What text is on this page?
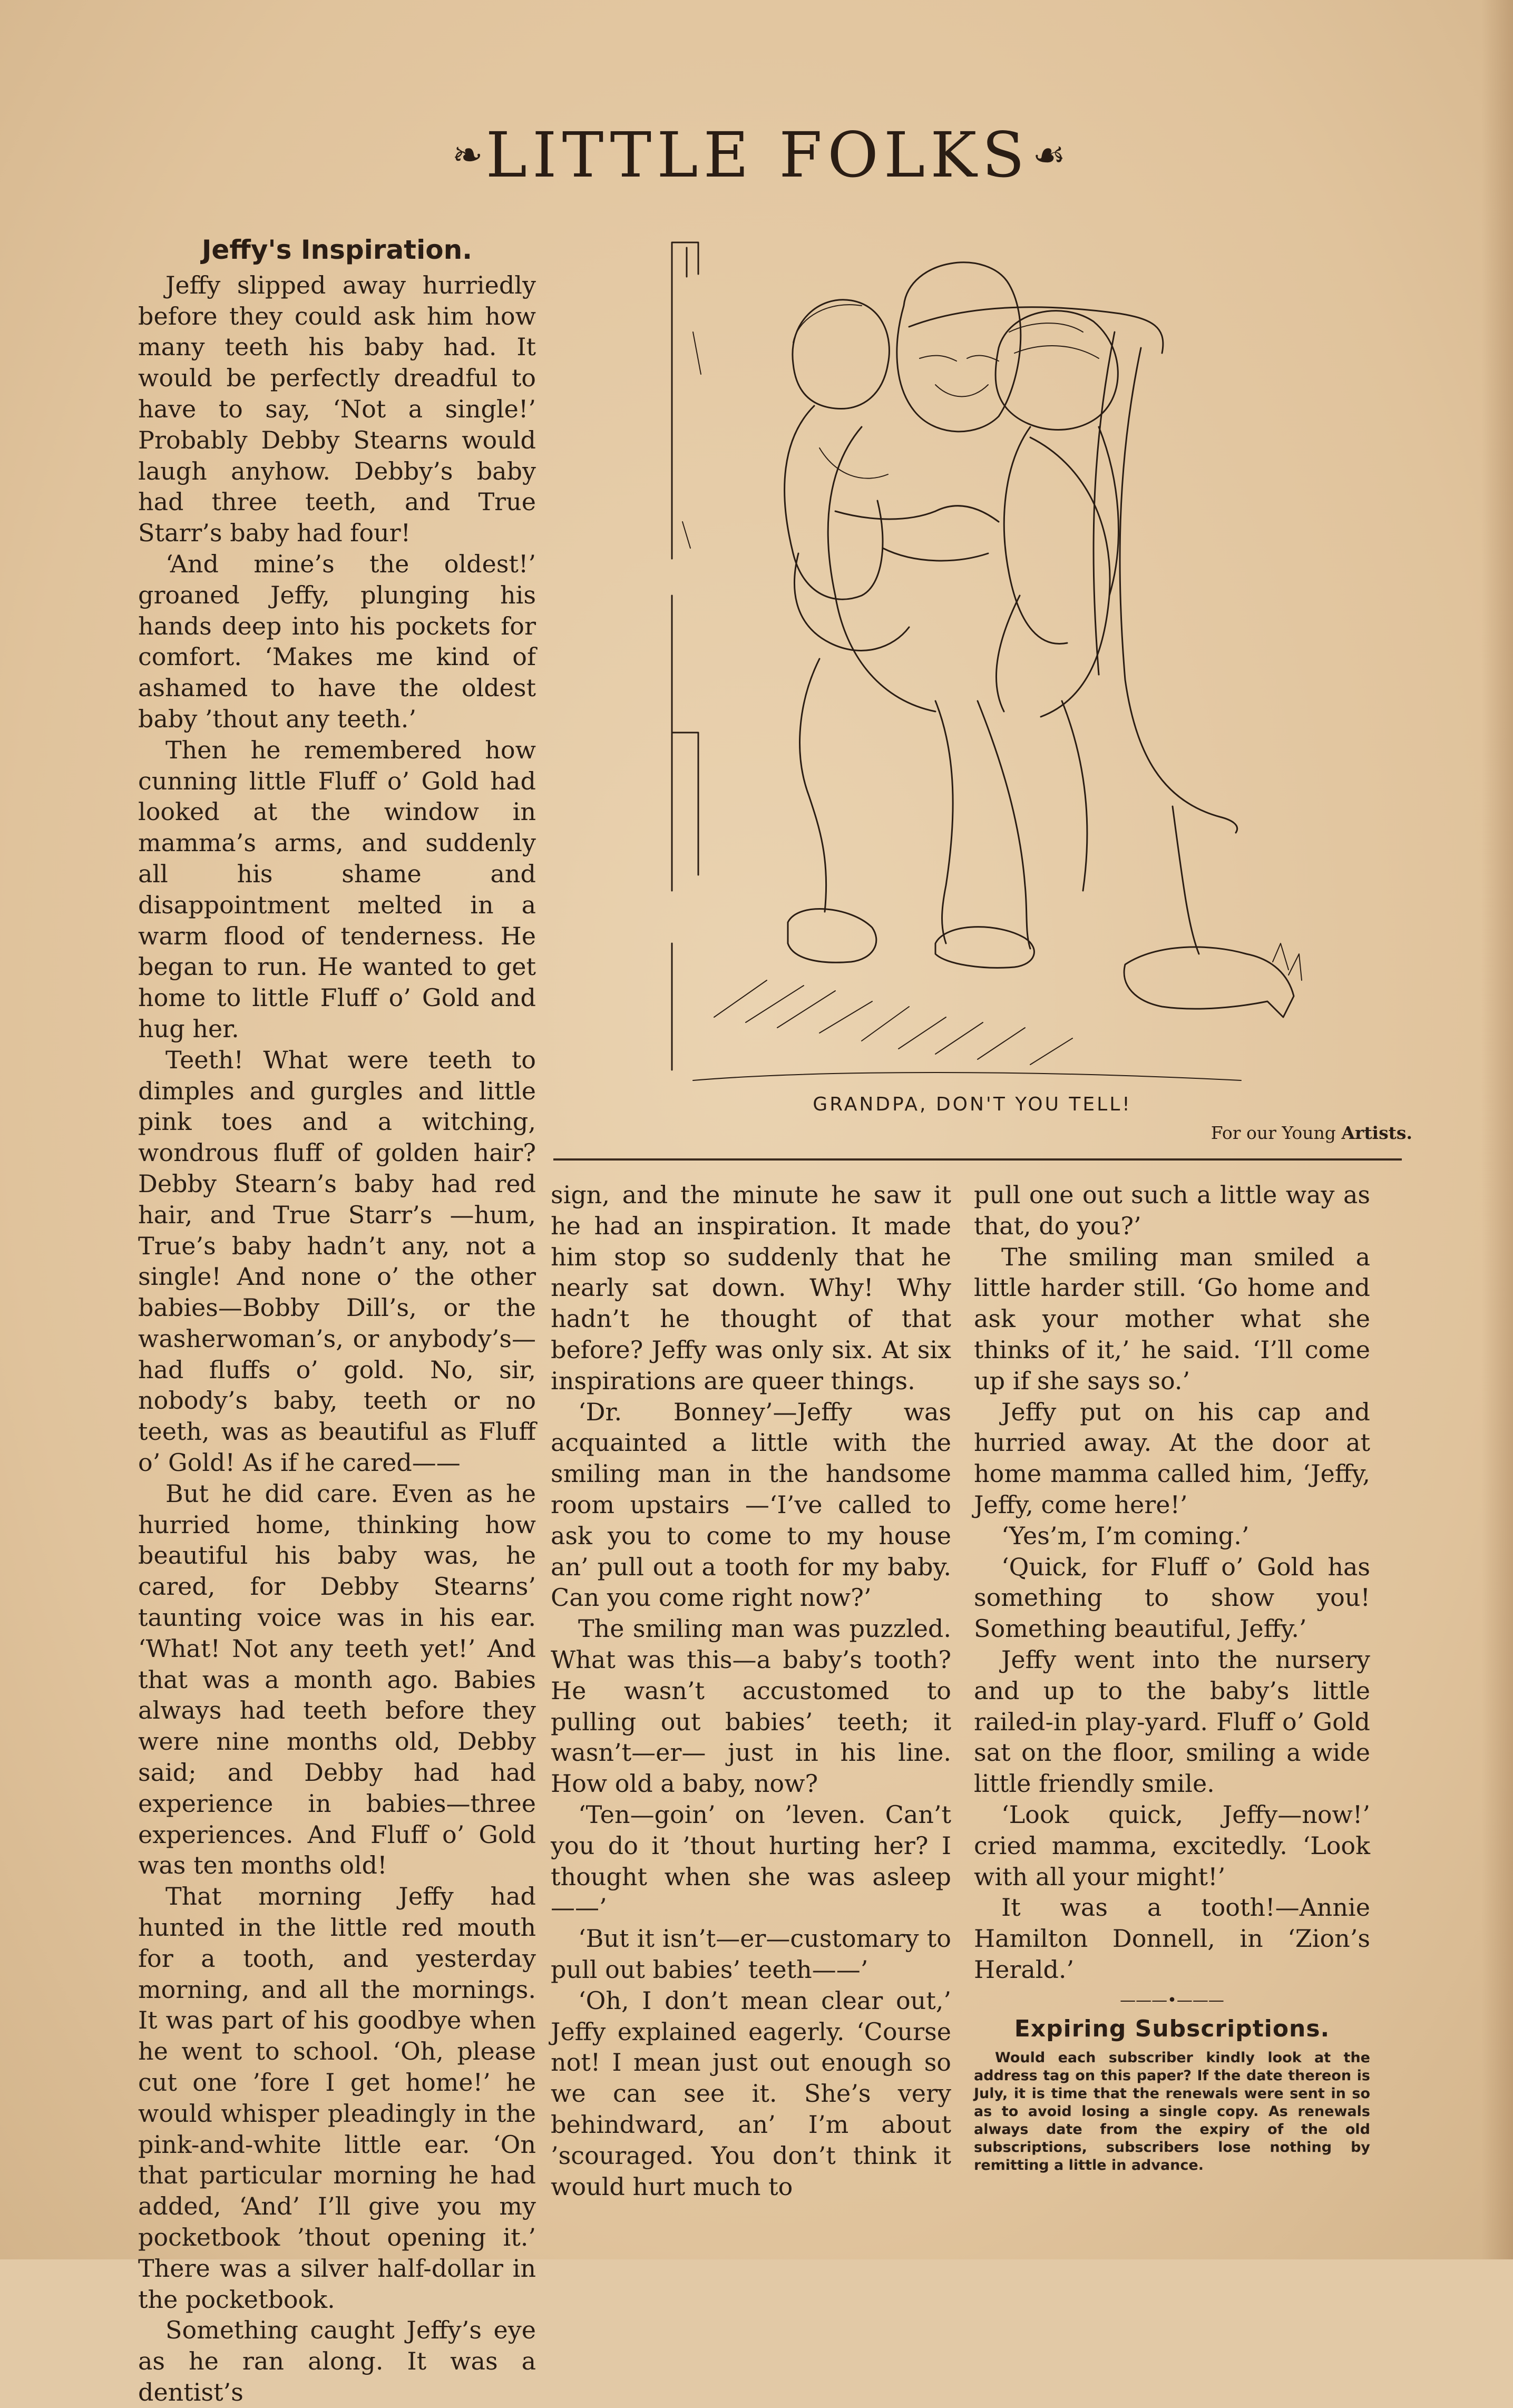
❧ LITTLE FOLKS ☙
Jeffy's Inspiration.

Jeffy slipped away hurriedly before they could ask him how many teeth his baby had. It would be perfectly dreadful to have to say, ‘Not a single!’ Probably Debby Stearns would laugh anyhow. Debby’s baby had three teeth, and True Starr’s baby had four!

‘And mine’s the oldest!’ groaned Jeffy, plunging his hands deep into his pockets for comfort. ‘Makes me kind of ashamed to have the oldest baby ’thout any teeth.’

Then he remembered how cunning little Fluff o’ Gold had looked at the window in mamma’s arms, and suddenly all his shame and disappointment melted in a warm flood of tenderness. He began to run. He wanted to get home to little Fluff o’ Gold and hug her.

Teeth! What were teeth to dimples and gurgles and little pink toes and a witching, wondrous fluff of golden hair? Debby Stearn’s baby had red hair, and True Starr’s —hum, True’s baby hadn’t any, not a single! And none o’ the other babies—Bobby Dill’s, or the washerwoman’s, or anybody’s—had fluffs o’ gold. No, sir, nobody’s baby, teeth or no teeth, was as beautiful as Fluff o’ Gold! As if he cared——

But he did care. Even as he hurried home, thinking how beautiful his baby was, he cared, for Debby Stearns’ taunting voice was in his ear. ‘What! Not any teeth yet!’ And that was a month ago. Babies always had teeth before they were nine months old, Debby said; and Debby had had experience in babies—three experiences. And Fluff o’ Gold was ten months old!

That morning Jeffy had hunted in the little red mouth for a tooth, and yesterday morning, and all the mornings. It was part of his goodbye when he went to school. ‘Oh, please cut one ’fore I get home!’ he would whisper pleadingly in the pink-and-white little ear. ‘On that particular morning he had added, ‘And’ I’ll give you my pocketbook ’thout opening it.’ There was a silver half-dollar in the pocketbook.

Something caught Jeffy’s eye as he ran along. It was a dentist’s

GRANDPA, DON'T YOU TELL!
For our Young Artists.

sign, and the minute he saw it he had an inspiration. It made him stop so suddenly that he nearly sat down. Why! Why hadn’t he thought of that before? Jeffy was only six. At six inspirations are queer things.

‘Dr. Bonney’—Jeffy was acquainted a little with the smiling man in the handsome room upstairs —‘I’ve called to ask you to come to my house an’ pull out a tooth for my baby. Can you come right now?’

The smiling man was puzzled. What was this—a baby’s tooth? He wasn’t accustomed to pulling out babies’ teeth; it wasn’t—er— just in his line. How old a baby, now?

‘Ten—goin’ on ’leven. Can’t you do it ’thout hurting her? I thought when she was asleep——’

‘But it isn’t—er—customary to pull out babies’ teeth——’

‘Oh, I don’t mean clear out,’ Jeffy explained eagerly. ‘Course not! I mean just out enough so we can see it. She’s very behindward, an’ I’m about ’scouraged. You don’t think it would hurt much to

pull one out such a little way as that, do you?’

The smiling man smiled a little harder still. ‘Go home and ask your mother what she thinks of it,’ he said. ‘I’ll come up if she says so.’

Jeffy put on his cap and hurried away. At the door at home mamma called him, ‘Jeffy, Jeffy, come here!’

‘Yes’m, I’m coming.’

‘Quick, for Fluff o’ Gold has something to show you! Something beautiful, Jeffy.’

Jeffy went into the nursery and up to the baby’s little railed-in play-yard. Fluff o’ Gold sat on the floor, smiling a wide little friendly smile.

‘Look quick, Jeffy—now!’ cried mamma, excitedly. ‘Look with all your might!’

It was a tooth!—Annie Hamilton Donnell, in ‘Zion’s Herald.’

———•———
Expiring Subscriptions.
Would each subscriber kindly look at the address tag on this paper? If the date thereon is July, it is time that the renewals were sent in so as to avoid losing a single copy. As renewals always date from the expiry of the old subscriptions, subscribers lose nothing by remitting a little in advance.
